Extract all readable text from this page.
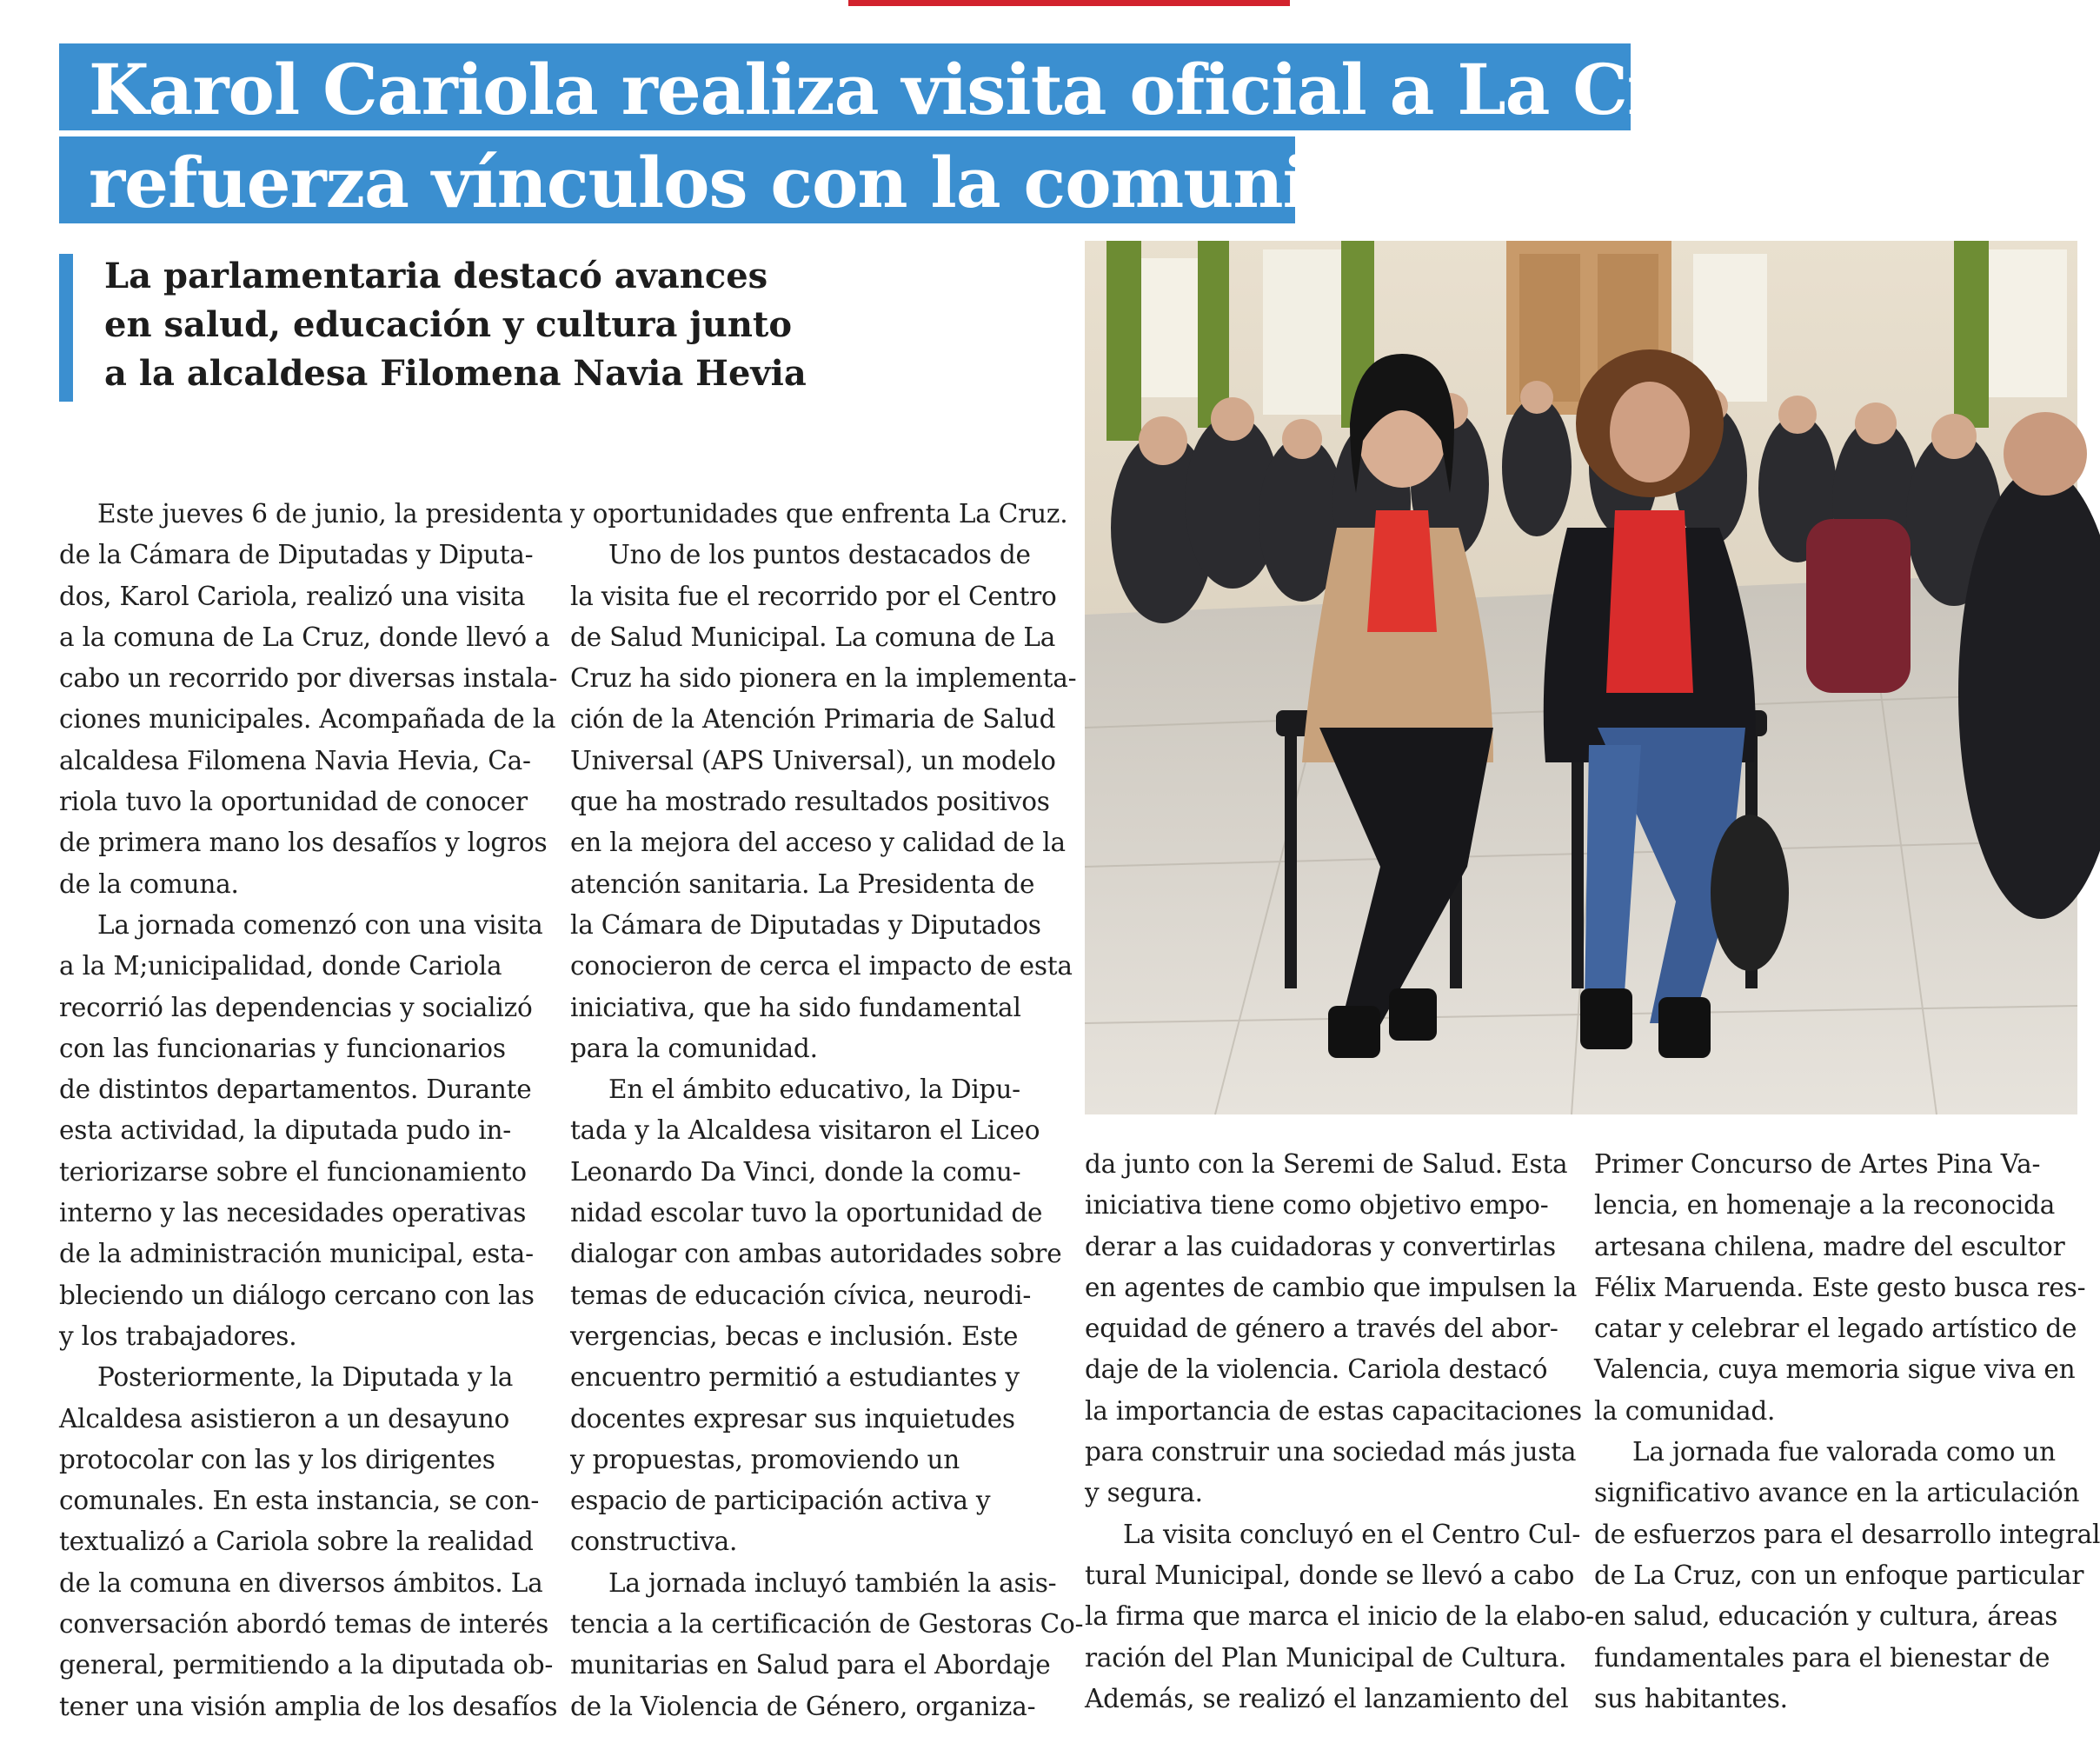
Karol Cariola realiza visita oficial a La Cruz y
refuerza vínculos con la comunidad
La parlamentaria destacó avances
en salud, educación y cultura junto
a la alcaldesa Filomena Navia Hevia
Este jueves 6 de junio, la presidenta
de la Cámara de Diputadas y Diputa-
dos, Karol Cariola, realizó una visita
a la comuna de La Cruz, donde llevó a
cabo un recorrido por diversas instala-
ciones municipales. Acompañada de la
alcaldesa Filomena Navia Hevia, Ca-
riola tuvo la oportunidad de conocer
de primera mano los desafíos y logros
de la comuna.
La jornada comenzó con una visita
a la M;unicipalidad, donde Cariola
recorrió las dependencias y socializó
con las funcionarias y funcionarios
de distintos departamentos. Durante
esta actividad, la diputada pudo in-
teriorizarse sobre el funcionamiento
interno y las necesidades operativas
de la administración municipal, esta-
bleciendo un diálogo cercano con las
y los trabajadores.
Posteriormente, la Diputada y la
Alcaldesa asistieron a un desayuno
protocolar con las y los dirigentes
comunales. En esta instancia, se con-
textualizó a Cariola sobre la realidad
de la comuna en diversos ámbitos. La
conversación abordó temas de interés
general, permitiendo a la diputada ob-
tener una visión amplia de los desafíos
y oportunidades que enfrenta La Cruz.
Uno de los puntos destacados de
la visita fue el recorrido por el Centro
de Salud Municipal. La comuna de La
Cruz ha sido pionera en la implementa-
ción de la Atención Primaria de Salud
Universal (APS Universal), un modelo
que ha mostrado resultados positivos
en la mejora del acceso y calidad de la
atención sanitaria. La Presidenta de
la Cámara de Diputadas y Diputados
conocieron de cerca el impacto de esta
iniciativa, que ha sido fundamental
para la comunidad.
En el ámbito educativo, la Dipu-
tada y la Alcaldesa visitaron el Liceo
Leonardo Da Vinci, donde la comu-
nidad escolar tuvo la oportunidad de
dialogar con ambas autoridades sobre
temas de educación cívica, neurodi-
vergencias, becas e inclusión. Este
encuentro permitió a estudiantes y
docentes expresar sus inquietudes
y propuestas, promoviendo un
espacio de participación activa y
constructiva.
La jornada incluyó también la asis-
tencia a la certificación de Gestoras Co-
munitarias en Salud para el Abordaje
de la Violencia de Género, organiza-
da junto con la Seremi de Salud. Esta
iniciativa tiene como objetivo empo-
derar a las cuidadoras y convertirlas
en agentes de cambio que impulsen la
equidad de género a través del abor-
daje de la violencia. Cariola destacó
la importancia de estas capacitaciones
para construir una sociedad más justa
y segura.
La visita concluyó en el Centro Cul-
tural Municipal, donde se llevó a cabo
la firma que marca el inicio de la elabo-
ración del Plan Municipal de Cultura.
Además, se realizó el lanzamiento del
Primer Concurso de Artes Pina Va-
lencia, en homenaje a la reconocida
artesana chilena, madre del escultor
Félix Maruenda. Este gesto busca res-
catar y celebrar el legado artístico de
Valencia, cuya memoria sigue viva en
la comunidad.
La jornada fue valorada como un
significativo avance en la articulación
de esfuerzos para el desarrollo integral
de La Cruz, con un enfoque particular
en salud, educación y cultura, áreas
fundamentales para el bienestar de
sus habitantes.
